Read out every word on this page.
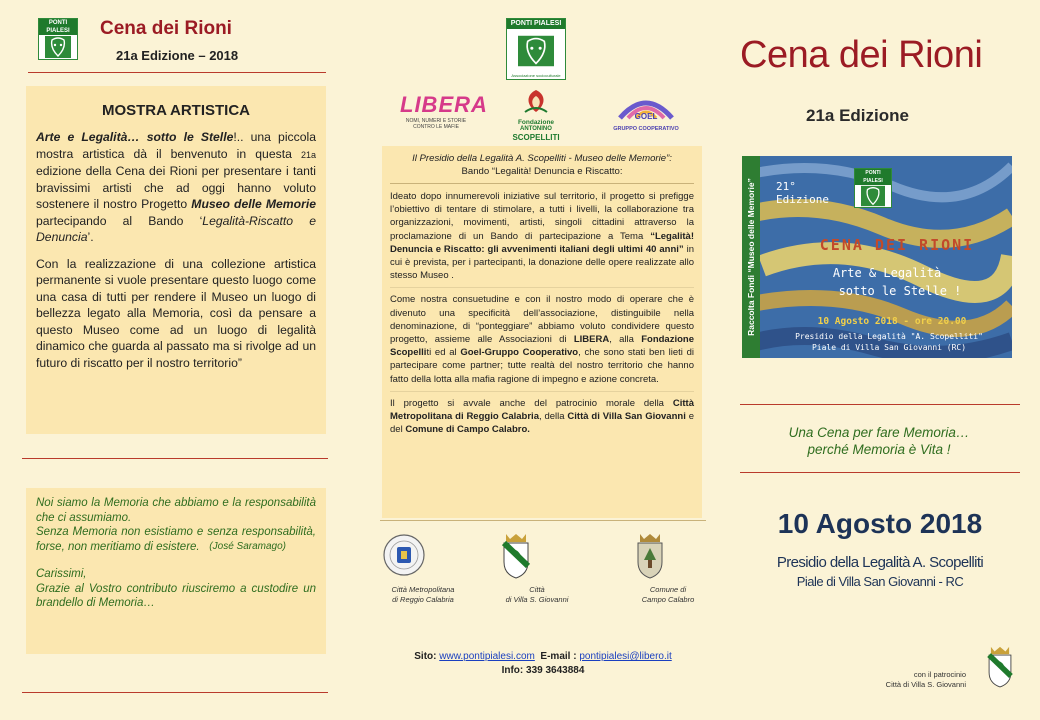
PONTI PIALESI	Cena dei Rioni
21a Edizione – 2018
MOSTRA ARTISTICA

Arte e Legalità… sotto le Stelle!.. una piccola mostra artistica dà il benvenuto in questa 21a edizione della Cena dei Rioni per presentare i tanti bravissimi artisti che ad oggi hanno voluto sostenere il nostro Progetto Museo delle Memorie partecipando al Bando ‘Legalità-Riscatto e Denuncia’.

Con la realizzazione di una collezione artistica permanente si vuole presentare questo luogo come una casa di tutti per rendere il Museo un luogo di bellezza legato alla Memoria, così da pensare a questo Museo come ad un luogo di legalità dinamico che guarda al passato ma si rivolge ad un futuro di riscatto per il nostro territorio”

Noi siamo la Memoria che abbiamo e la responsabilità che ci assumiamo.

Senza Memoria non esistiamo e senza responsabilità, forse, non meritiamo di esistere. (José Saramago)

Carissimi,

Grazie al Vostro contributo riusciremo a custodire un brandello di Memoria…

PONTI PIALESI
Associazione socioculturale
LIBERA
NOMI, NUMERI E STORIE CONTRO LE MAFIE
Fondazione
ANTONINO
SCOPELLITI
GOEL
GRUPPO COOPERATIVO

Il Presidio della Legalità A. Scopelliti - Museo delle Memorie”:
Bando “Legalità! Denuncia e Riscatto:

Ideato dopo innumerevoli iniziative sul territorio, il progetto si prefigge l’obiettivo di tentare di stimolare, a tutti i livelli, la collaborazione tra organizzazioni, movimenti, artisti, singoli cittadini attraverso la proclamazione di un Bando di partecipazione a Tema “Legalità! Denuncia e Riscatto: gli avvenimenti italiani degli ultimi 40 anni” in cui è prevista, per i partecipanti, la donazione delle opere realizzate allo stesso Museo .

Come nostra consuetudine e con il nostro modo di operare che è divenuto una specificità dell’associazione, distinguibile nella denominazione, di “ponteggiare” abbiamo voluto condividere questo progetto, assieme alle Associazioni di LIBERA, alla Fondazione Scopelliti ed al Goel-Gruppo Cooperativo, che sono stati ben lieti di partecipare come partner; tutte realtà del nostro territorio che hanno fatto della lotta alla mafia ragione di impegno e azione concreta.

Il progetto si avvale anche del patrocinio morale della Città Metropolitana di Reggio Calabria, della Città di Villa San Giovanni e del Comune di Campo Calabro.

Città Metropolitana
di Reggio Calabria
Città
di Villa S. Giovanni
Comune di
Campo Calabro
Sito: www.pontipialesi.com E-mail : pontipialesi@libero.it
Info: 339 3643884
Cena dei Rioni
21a Edizione
Raccolta Fondi “Museo delle Memorie”
PONTI PIALESI
21° Edizione
CENA DEI RIONI
Arte & Legalità
sotto le Stelle !
10 Agosto 2018 - ore 20.00
Presidio della Legalità "A. Scopelliti"
Piale di Villa San Giovanni (RC)
Una Cena per fare Memoria…
perché Memoria è Vita !
10 Agosto 2018
Presidio della Legalità A. Scopelliti
Piale di Villa San Giovanni - RC
con il patrocinio
Città di Villa S. Giovanni
